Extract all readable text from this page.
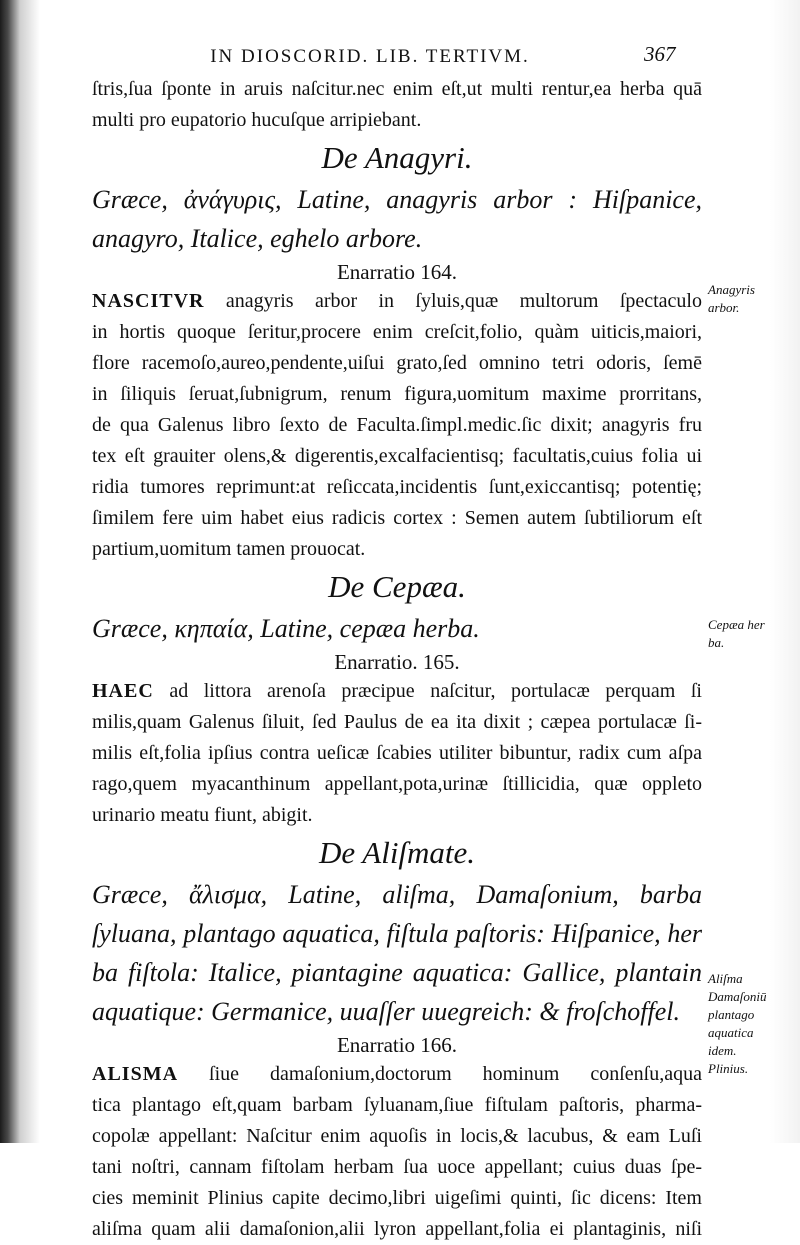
IN DIOSCORID. LIB. TERTIVM.	367
ſtris,ſua ſponte in aruis naſcitur.nec enim eſt,ut multi rentur,ea herba quā
multi pro eupatorio hucuſque arripiebant.
De Anagyri.
Græce, ἀνάγυρις, Latine, anagyris arbor : Hiſpanice,
anagyro, Italice, eghelo arbore.
Enarratio 164.
NASCITVR anagyris arbor in ſyluis,quæ multorum ſpectaculo
in hortis quoque ſeritur,procere enim creſcit,folio, quàm uiticis,maiori,
flore racemoſo,aureo,pendente,uiſui grato,ſed omnino tetri odoris, ſemē
in ſiliquis ſeruat,ſubnigrum, renum figura,uomitum maxime prorritans,
de qua Galenus libro ſexto de Faculta.ſimpl.medic.ſic dixit; anagyris fru
tex eſt grauiter olens,& digerentis,excalfacientisq; facultatis,cuius folia ui
ridia tumores reprimunt:at reſiccata,incidentis ſunt,exiccantisq; potentię;
ſimilem fere uim habet eius radicis cortex : Semen autem ſubtiliorum eſt
partium,uomitum tamen prouocat.
De Cepæa.
Græce, κηπαία, Latine, cepæa herba.
Enarratio. 165.
HAEC ad littora arenoſa præcipue naſcitur, portulacæ perquam ſi
milis,quam Galenus ſiluit, ſed Paulus de ea ita dixit ; cæpea portulacæ ſi-
milis eſt,folia ipſius contra ueſicæ ſcabies utiliter bibuntur, radix cum aſpa
rago,quem myacanthinum appellant,pota,urinæ ſtillicidia, quæ oppleto
urinario meatu fiunt, abigit.
De Aliſmate.
Græce, ἄλισμα, Latine, aliſma, Damaſonium, barba
ſyluana, plantago aquatica, fiſtula paſtoris: Hiſpanice, her
ba fiſtola: Italice, piantagine aquatica: Gallice, plantain
aquatique: Germanice, uuaſſer uuegreich: & froſchoffel.
Enarratio 166.
ALISMA ſiue damaſonium,doctorum hominum conſenſu,aqua
tica plantago eſt,quam barbam ſyluanam,ſiue fiſtulam paſtoris, pharma-
copolæ appellant: Naſcitur enim aquoſis in locis,& lacubus, & eam Luſi
tani noſtri, cannam fiſtolam herbam ſua uoce appellant; cuius duas ſpe-
cies meminit Plinius capite decimo,libri uigeſimi quinti, ſic dicens: Item
aliſma quam alii damaſonion,alii lyron appellant,folia ei plantaginis, niſi
Anagyris
arbor.
Cepæa her
ba.
Aliſma
Damaſoniū
plantago
aquatica
idem.
Plinius.
